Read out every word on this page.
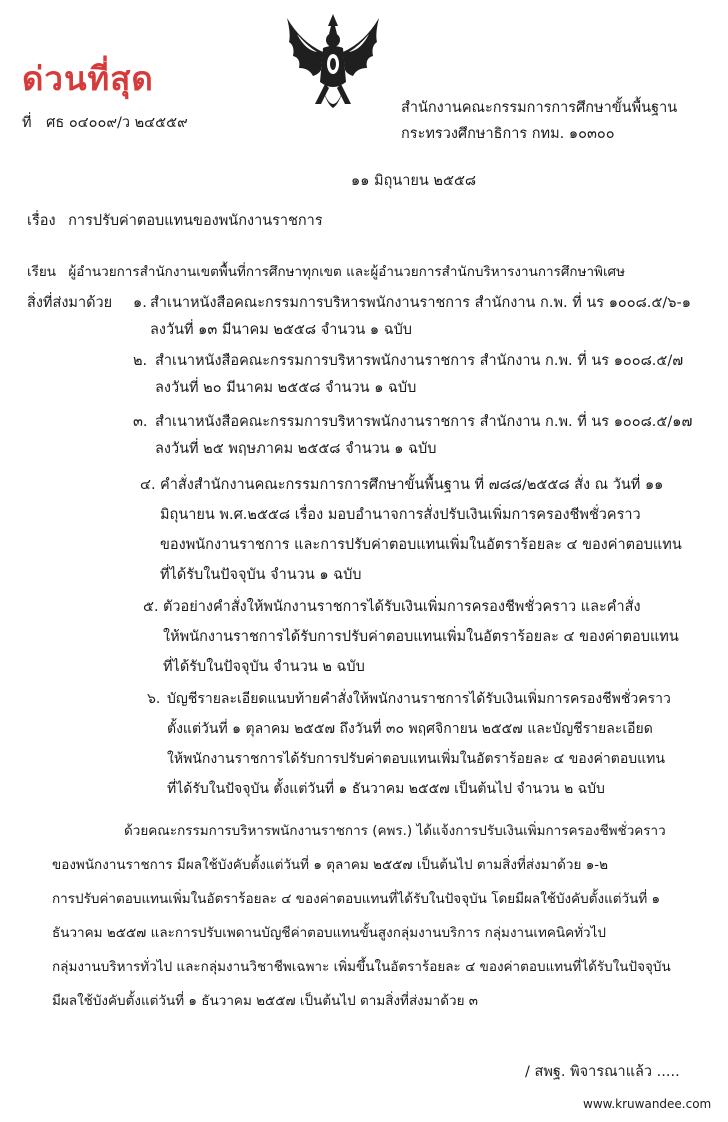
ด่วนที่สุด
ที่ ศธ ๐๔๐๐๙/ว ๒๔๕๕๙
สำนักงานคณะกรรมการการศึกษาขั้นพื้นฐาน
กระทรวงศึกษาธิการ กทม. ๑๐๓๐๐
๑๑ มิถุนายน ๒๕๕๘
เรื่อง การปรับค่าตอบแทนของพนักงานราชการ
เรียน ผู้อำนวยการสำนักงานเขตพื้นที่การศึกษาทุกเขต และผู้อำนวยการสำนักบริหารงานการศึกษาพิเศษ
สิ่งที่ส่งมาด้วย ๑. สำเนาหนังสือคณะกรรมการบริหารพนักงานราชการ สำนักงาน ก.พ. ที่ นร ๑๐๐๘.๕/๖-๑
ลงวันที่ ๑๓ มีนาคม ๒๕๕๘ จำนวน ๑ ฉบับ
๒. สำเนาหนังสือคณะกรรมการบริหารพนักงานราชการ สำนักงาน ก.พ. ที่ นร ๑๐๐๘.๕/๗
ลงวันที่ ๒๐ มีนาคม ๒๕๕๘ จำนวน ๑ ฉบับ
๓. สำเนาหนังสือคณะกรรมการบริหารพนักงานราชการ สำนักงาน ก.พ. ที่ นร ๑๐๐๘.๕/๑๗
ลงวันที่ ๒๕ พฤษภาคม ๒๕๕๘ จำนวน ๑ ฉบับ
๔. คำสั่งสำนักงานคณะกรรมการการศึกษาขั้นพื้นฐาน ที่ ๗๘๘/๒๕๕๘ สั่ง ณ วันที่ ๑๑
มิถุนายน พ.ศ.๒๕๕๘ เรื่อง มอบอำนาจการสั่งปรับเงินเพิ่มการครองชีพชั่วคราว
ของพนักงานราชการ และการปรับค่าตอบแทนเพิ่มในอัตราร้อยละ ๔ ของค่าตอบแทน
ที่ได้รับในปัจจุบัน จำนวน ๑ ฉบับ
๕. ตัวอย่างคำสั่งให้พนักงานราชการได้รับเงินเพิ่มการครองชีพชั่วคราว และคำสั่ง
ให้พนักงานราชการได้รับการปรับค่าตอบแทนเพิ่มในอัตราร้อยละ ๔ ของค่าตอบแทน
ที่ได้รับในปัจจุบัน จำนวน ๒ ฉบับ
๖. บัญชีรายละเอียดแนบท้ายคำสั่งให้พนักงานราชการได้รับเงินเพิ่มการครองชีพชั่วคราว
ตั้งแต่วันที่ ๑ ตุลาคม ๒๕๕๗ ถึงวันที่ ๓๐ พฤศจิกายน ๒๕๕๗ และบัญชีรายละเอียด
ให้พนักงานราชการได้รับการปรับค่าตอบแทนเพิ่มในอัตราร้อยละ ๔ ของค่าตอบแทน
ที่ได้รับในปัจจุบัน ตั้งแต่วันที่ ๑ ธันวาคม ๒๕๕๗ เป็นต้นไป จำนวน ๒ ฉบับ
ด้วยคณะกรรมการบริหารพนักงานราชการ (คพร.) ได้แจ้งการปรับเงินเพิ่มการครองชีพชั่วคราว
ของพนักงานราชการ มีผลใช้บังคับตั้งแต่วันที่ ๑ ตุลาคม ๒๕๕๗ เป็นต้นไป ตามสิ่งที่ส่งมาด้วย ๑-๒
การปรับค่าตอบแทนเพิ่มในอัตราร้อยละ ๔ ของค่าตอบแทนที่ได้รับในปัจจุบัน โดยมีผลใช้บังคับตั้งแต่วันที่ ๑
ธันวาคม ๒๕๕๗ และการปรับเพดานบัญชีค่าตอบแทนขั้นสูงกลุ่มงานบริการ กลุ่มงานเทคนิคทั่วไป
กลุ่มงานบริหารทั่วไป และกลุ่มงานวิชาชีพเฉพาะ เพิ่มขึ้นในอัตราร้อยละ ๔ ของค่าตอบแทนที่ได้รับในปัจจุบัน
มีผลใช้บังคับตั้งแต่วันที่ ๑ ธันวาคม ๒๕๕๗ เป็นต้นไป ตามสิ่งที่ส่งมาด้วย ๓
/ สพฐ. พิจารณาแล้ว .....
www.kruwandee.com
